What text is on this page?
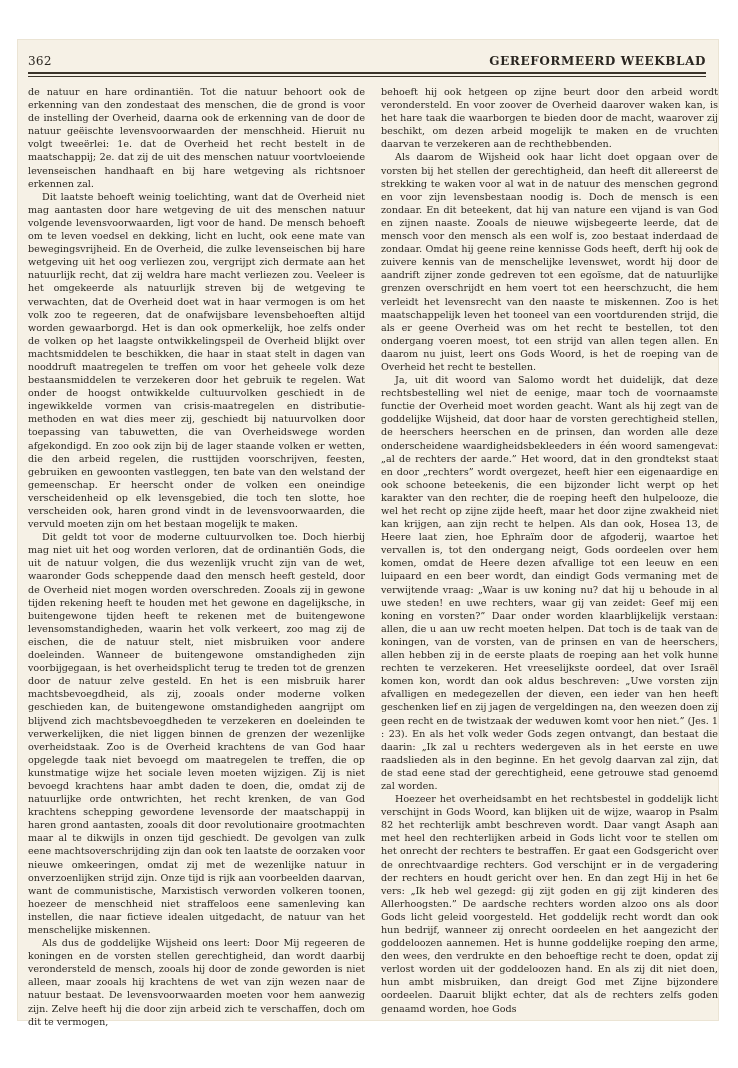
362	GEREFORMEERD WEEKBLAD

de natuur en hare ordinantiën. Tot die natuur behoort ook de erkenning van den zondestaat des menschen, die de grond is voor de instelling der Overheid, daarna ook de erkenning van de door de natuur geëischte levensvoorwaarden der menschheid. Hieruit nu volgt tweeërlei: 1e. dat de Overheid het recht bestelt in de maatschappij; 2e. dat zij de uit des menschen natuur voortvloeiende levenseischen handhaaft en bij hare wetgeving als richtsnoer erkennen zal.

Dit laatste behoeft weinig toelichting, want dat de Overheid niet mag aantasten door hare wetgeving de uit des menschen natuur volgende levensvoorwaarden, ligt voor de hand. De mensch behoeft om te leven voedsel en dekking, licht en lucht, ook eene mate van bewegingsvrijheid. En de Overheid, die zulke levenseischen bij hare wetgeving uit het oog verliezen zou, vergrijpt zich dermate aan het natuurlijk recht, dat zij weldra hare macht verliezen zou. Veeleer is het omgekeerde als natuurlijk streven bij de wetgeving te verwachten, dat de Overheid doet wat in haar vermogen is om het volk zoo te regeeren, dat de onafwijsbare levensbehoeften altijd worden gewaarborgd. Het is dan ook opmerkelijk, hoe zelfs onder de volken op het laagste ontwikkelingspeil de Overheid blijkt over machtsmiddelen te beschikken, die haar in staat stelt in dagen van nooddruft maatregelen te treffen om voor het geheele volk deze bestaansmiddelen te verzekeren door het gebruik te regelen. Wat onder de hoogst ontwikkelde cultuurvolken geschiedt in de ingewikkelde vormen van crisis-maatregelen en distributie-methoden en wat dies meer zij, geschiedt bij natuurvolken door toepassing van tabuwetten, die van Overheidswege worden afgekondigd. En zoo ook zijn bij de lager staande volken er wetten, die den arbeid regelen, die rusttijden voorschrijven, feesten, gebruiken en gewoonten vastleggen, ten bate van den welstand der gemeenschap. Er heerscht onder de volken een oneindige verscheidenheid op elk levensgebied, die toch ten slotte, hoe verscheiden ook, haren grond vindt in de levensvoorwaarden, die vervuld moeten zijn om het bestaan mogelijk te maken.

Dit geldt tot voor de moderne cultuurvolken toe. Doch hierbij mag niet uit het oog worden verloren, dat de ordinantiën Gods, die uit de natuur volgen, die dus wezenlijk vrucht zijn van de wet, waaronder Gods scheppende daad den mensch heeft gesteld, door de Overheid niet mogen worden overschreden. Zooals zij in gewone tijden rekening heeft te houden met het gewone en dagelijksche, in buitengewone tijden heeft te rekenen met de buitengewone levensomstandigheden, waarin het volk verkeert, zoo mag zij de eischen, die de natuur stelt, niet misbruiken voor andere doeleinden. Wanneer de buitengewone omstandigheden zijn voorbijgegaan, is het overheidsplicht terug te treden tot de grenzen door de natuur zelve gesteld. En het is een misbruik harer machtsbevoegdheid, als zij, zooals onder moderne volken geschieden kan, de buitengewone omstandigheden aangrijpt om blijvend zich machtsbevoegdheden te verzekeren en doeleinden te verwerkelijken, die niet liggen binnen de grenzen der wezenlijke overheidstaak. Zoo is de Overheid krachtens de van God haar opgelegde taak niet bevoegd om maatregelen te treffen, die op kunstmatige wijze het sociale leven moeten wijzigen. Zij is niet bevoegd krachtens haar ambt daden te doen, die, omdat zij de natuurlijke orde ontwrichten, het recht krenken, de van God krachtens schepping gewordene levensorde der maatschappij in haren grond aantasten, zooals dit door revolutionaire grootmachten maar al te dikwijls in onzen tijd geschiedt. De gevolgen van zulk eene machtsoverschrijding zijn dan ook ten laatste de oorzaken voor nieuwe omkeeringen, omdat zij met de wezenlijke natuur in onverzoenlijken strijd zijn. Onze tijd is rijk aan voorbeelden daarvan, want de communistische, Marxistisch verworden volkeren toonen, hoezeer de menschheid niet straffeloos eene samenleving kan instellen, die naar fictieve idealen uitgedacht, de natuur van het menschelijke miskennen.

Als dus de goddelijke Wijsheid ons leert: Door Mij regeeren de koningen en de vorsten stellen gerechtigheid, dan wordt daarbij verondersteld de mensch, zooals hij door de zonde geworden is niet alleen, maar zooals hij krachtens de wet van zijn wezen naar de natuur bestaat. De levensvoorwaarden moeten voor hem aanwezig zijn. Zelve heeft hij die door zijn arbeid zich te verschaffen, doch om dit te vermogen,

behoeft hij ook hetgeen op zijne beurt door den arbeid wordt verondersteld. En voor zoover de Overheid daarover waken kan, is het hare taak die waarborgen te bieden door de macht, waarover zij beschikt, om dezen arbeid mogelijk te maken en de vruchten daarvan te verzekeren aan de rechthebbenden.

Als daarom de Wijsheid ook haar licht doet opgaan over de vorsten bij het stellen der gerechtigheid, dan heeft dit allereerst de strekking te waken voor al wat in de natuur des menschen gegrond en voor zijn levensbestaan noodig is. Doch de mensch is een zondaar. En dit beteekent, dat hij van nature een vijand is van God en zijnen naaste. Zooals de nieuwe wijsbegeerte leerde, dat de mensch voor den mensch als een wolf is, zoo bestaat inderdaad de zondaar. Omdat hij geene reine kennisse Gods heeft, derft hij ook de zuivere kennis van de menschelijke levenswet, wordt hij door de aandrift zijner zonde gedreven tot een egoïsme, dat de natuurlijke grenzen overschrijdt en hem voert tot een heerschzucht, die hem verleidt het levensrecht van den naaste te miskennen. Zoo is het maatschappelijk leven het tooneel van een voortdurenden strijd, die als er geene Overheid was om het recht te bestellen, tot den ondergang voeren moest, tot een strijd van allen tegen allen. En daarom nu juist, leert ons Gods Woord, is het de roeping van de Overheid het recht te bestellen.

Ja, uit dit woord van Salomo wordt het duidelijk, dat deze rechtsbestelling wel niet de eenige, maar toch de voornaamste functie der Overheid moet worden geacht. Want als hij zegt van de goddelijke Wijsheid, dat door haar de vorsten gerechtigheid stellen, de heerschers heerschen en de prinsen, dan worden alle deze onderscheidene waardigheidsbekleeders in één woord samengevat: „al de rechters der aarde.” Het woord, dat in den grondtekst staat en door „rechters” wordt overgezet, heeft hier een eigenaardige en ook schoone beteekenis, die een bijzonder licht werpt op het karakter van den rechter, die de roeping heeft den hulpelooze, die wel het recht op zijne zijde heeft, maar het door zijne zwakheid niet kan krijgen, aan zijn recht te helpen. Als dan ook, Hosea 13, de Heere laat zien, hoe Ephraïm door de afgoderij, waartoe het vervallen is, tot den ondergang neigt, Gods oordeelen over hem komen, omdat de Heere dezen afvallige tot een leeuw en een luipaard en een beer wordt, dan eindigt Gods vermaning met de verwijtende vraag: „Waar is uw koning nu? dat hij u behoude in al uwe steden! en uwe rechters, waar gij van zeidet: Geef mij een koning en vorsten?” Daar onder worden klaarblijkelijk verstaan: allen, die u aan uw recht moeten helpen. Dat toch is de taak van de koningen, van de vorsten, van de prinsen en van de heerschers, allen hebben zij in de eerste plaats de roeping aan het volk hunne rechten te verzekeren. Het vreeselijkste oordeel, dat over Israël komen kon, wordt dan ook aldus beschreven: „Uwe vorsten zijn afvalligen en medegezellen der dieven, een ieder van hen heeft geschenken lief en zij jagen de vergeldingen na, den weezen doen zij geen recht en de twistzaak der weduwen komt voor hen niet.” (Jes. 1 : 23). En als het volk weder Gods zegen ontvangt, dan bestaat die daarin: „Ik zal u rechters wedergeven als in het eerste en uwe raadslieden als in den beginne. En het gevolg daarvan zal zijn, dat de stad eene stad der gerechtigheid, eene getrouwe stad genoemd zal worden.

Hoezeer het overheidsambt en het rechtsbestel in goddelijk licht verschijnt in Gods Woord, kan blijken uit de wijze, waarop in Psalm 82 het rechterlijk ambt beschreven wordt. Daar vangt Asaph aan met heel den rechterlijken arbeid in Gods licht voor te stellen om het onrecht der rechters te bestraffen. Er gaat een Godsgericht over de onrechtvaardige rechters. God verschijnt er in de vergadering der rechters en houdt gericht over hen. En dan zegt Hij in het 6e vers: „Ik heb wel gezegd: gij zijt goden en gij zijt kinderen des Allerhoogsten.” De aardsche rechters worden alzoo ons als door Gods licht geleid voorgesteld. Het goddelijk recht wordt dan ook hun bedrijf, wanneer zij onrecht oordeelen en het aangezicht der goddeloozen aannemen. Het is hunne goddelijke roeping den arme, den wees, den verdrukte en den behoeftige recht te doen, opdat zij verlost worden uit der goddeloozen hand. En als zij dit niet doen, hun ambt misbruiken, dan dreigt God met Zijne bijzondere oordeelen. Daaruit blijkt echter, dat als de rechters zelfs goden genaamd worden, hoe Gods
